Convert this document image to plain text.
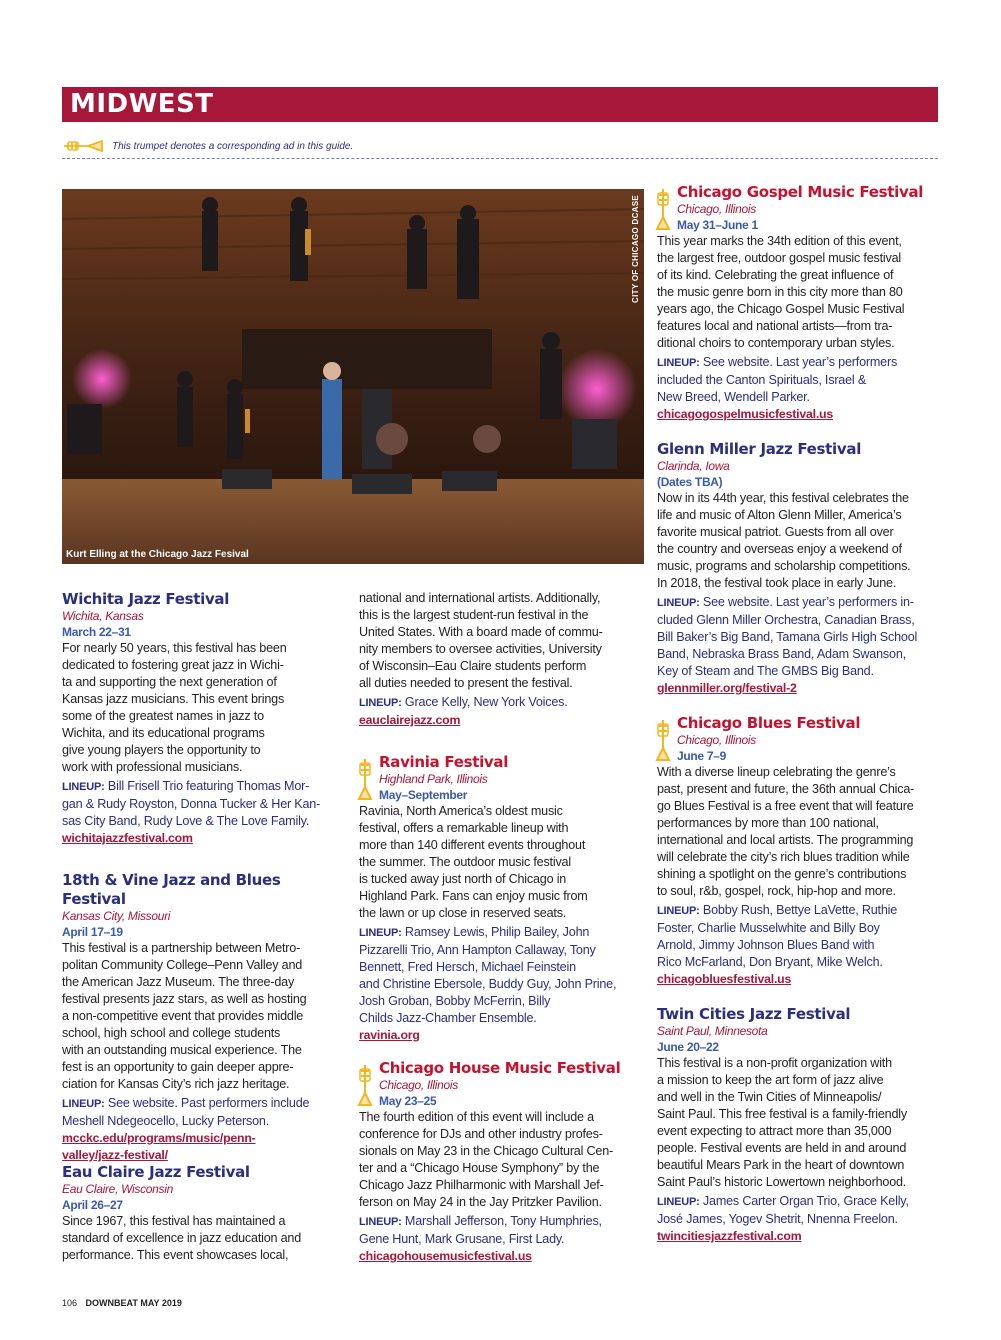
MIDWEST
This trumpet denotes a corresponding ad in this guide.
Kurt Elling at the Chicago Jazz Fesival
CITY OF CHICAGO DCASE
Wichita Jazz Festival
Wichita, Kansas
March 22–31
For nearly 50 years, this festival has been
dedicated to fostering great jazz in Wichi-
ta and supporting the next generation of
Kansas jazz musicians. This event brings
some of the greatest names in jazz to
Wichita, and its educational programs
give young players the opportunity to
work with professional musicians.
LINEUP: Bill Frisell Trio featuring Thomas Mor-
gan & Rudy Royston, Donna Tucker & Her Kan-
sas City Band, Rudy Love & The Love Family.
wichitajazzfestival.com
18th & Vine Jazz and Blues Festival
Kansas City, Missouri
April 17–19
This festival is a partnership between Metro-
politan Community College–Penn Valley and
the American Jazz Museum. The three-day
festival presents jazz stars, as well as hosting
a non-competitive event that provides middle
school, high school and college students
with an outstanding musical experience. The
fest is an opportunity to gain deeper appre-
ciation for Kansas City’s rich jazz heritage.
LINEUP: See website. Past performers include
Meshell Ndegeocello, Lucky Peterson.
mcckc.edu/programs/music/penn-
valley/jazz-festival/
Eau Claire Jazz Festival
Eau Claire, Wisconsin
April 26–27
Since 1967, this festival has maintained a
standard of excellence in jazz education and
performance. This event showcases local,
national and international artists. Additionally,
this is the largest student-run festival in the
United States. With a board made of commu-
nity members to oversee activities, University
of Wisconsin–Eau Claire students perform
all duties needed to present the festival.
LINEUP: Grace Kelly, New York Voices.
eauclairejazz.com
Ravinia Festival
Highland Park, Illinois
May–September
Ravinia, North America’s oldest music
festival, offers a remarkable lineup with
more than 140 different events throughout
the summer. The outdoor music festival
is tucked away just north of Chicago in
Highland Park. Fans can enjoy music from
the lawn or up close in reserved seats.
LINEUP: Ramsey Lewis, Philip Bailey, John
Pizzarelli Trio, Ann Hampton Callaway, Tony
Bennett, Fred Hersch, Michael Feinstein
and Christine Ebersole, Buddy Guy, John Prine,
Josh Groban, Bobby McFerrin, Billy
Childs Jazz-Chamber Ensemble.
ravinia.org
Chicago House Music Festival
Chicago, Illinois
May 23–25
The fourth edition of this event will include a
conference for DJs and other industry profes-
sionals on May 23 in the Chicago Cultural Cen-
ter and a “Chicago House Symphony” by the
Chicago Jazz Philharmonic with Marshall Jef-
ferson on May 24 in the Jay Pritzker Pavilion.
LINEUP: Marshall Jefferson, Tony Humphries,
Gene Hunt, Mark Grusane, First Lady.
chicagohousemusicfestival.us
Chicago Gospel Music Festival
Chicago, Illinois
May 31–June 1
This year marks the 34th edition of this event,
the largest free, outdoor gospel music festival
of its kind. Celebrating the great influence of
the music genre born in this city more than 80
years ago, the Chicago Gospel Music Festival
features local and national artists—from tra-
ditional choirs to contemporary urban styles.
LINEUP: See website. Last year’s performers
included the Canton Spirituals, Israel &
New Breed, Wendell Parker.
chicagogospelmusicfestival.us
Glenn Miller Jazz Festival
Clarinda, Iowa
(Dates TBA)
Now in its 44th year, this festival celebrates the
life and music of Alton Glenn Miller, America’s
favorite musical patriot. Guests from all over
the country and overseas enjoy a weekend of
music, programs and scholarship competitions.
In 2018, the festival took place in early June.
LINEUP: See website. Last year’s performers in-
cluded Glenn Miller Orchestra, Canadian Brass,
Bill Baker’s Big Band, Tamana Girls High School
Band, Nebraska Brass Band, Adam Swanson,
Key of Steam and The GMBS Big Band.
glennmiller.org/festival-2
Chicago Blues Festival
Chicago, Illinois
June 7–9
With a diverse lineup celebrating the genre’s
past, present and future, the 36th annual Chica-
go Blues Festival is a free event that will feature
performances by more than 100 national,
international and local artists. The programming
will celebrate the city’s rich blues tradition while
shining a spotlight on the genre’s contributions
to soul, r&b, gospel, rock, hip-hop and more.
LINEUP: Bobby Rush, Bettye LaVette, Ruthie
Foster, Charlie Musselwhite and Billy Boy
Arnold, Jimmy Johnson Blues Band with
Rico McFarland, Don Bryant, Mike Welch.
chicagobluesfestival.us
Twin Cities Jazz Festival
Saint Paul, Minnesota
June 20–22
This festival is a non-profit organization with
a mission to keep the art form of jazz alive
and well in the Twin Cities of Minneapolis/
Saint Paul. This free festival is a family-friendly
event expecting to attract more than 35,000
people. Festival events are held in and around
beautiful Mears Park in the heart of downtown
Saint Paul’s historic Lowertown neighborhood.
LINEUP: James Carter Organ Trio, Grace Kelly,
José James, Yogev Shetrit, Nnenna Freelon.
twincitiesjazzfestival.com
106 DOWNBEAT MAY 2019
